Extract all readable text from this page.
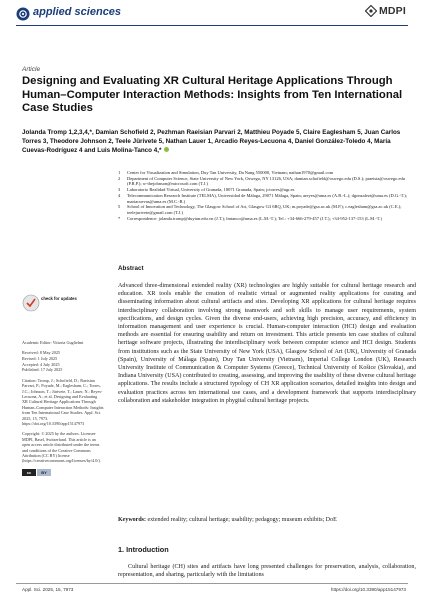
applied sciences	MDPI
Article
Designing and Evaluating XR Cultural Heritage Applications Through Human–Computer Interaction Methods: Insights from Ten International Case Studies
Jolanda Tromp 1,2,3,4,*, Damian Schofield 2, Pezhman Raeisian Parvari 2, Matthieu Poyade 5, Claire Eaglesham 5, Juan Carlos Torres 3, Theodore Johnson 2, Teele Jürivete 5, Nathan Lauer 1, Arcadio Reyes-Lecuona 4, Daniel González-Toledo 4, María Cuevas-Rodríguez 4 and Luis Molina-Tanco 4,*
1	Center for Visualization and Simulation, Duy Tan University, Da Nang 550000, Vietnam; nathan1970@gmail.com
2	Department of Computer Science, State University of New York, Oswego, NY 13126, USA; damian.schofield@oswego.edu (D.S.); praeisia@oswego.edu (P.R.P.); w-thejohnson@microsoft.com (T.J.)
3	Laboratorio Realidad Virtual, University of Granada, 18071 Granada, Spain; jctorres@ugr.es
4	Telecommunication Research Institute (TELMA), Universidad de Málaga, 29071 Málaga, Spain; areyes@uma.es (A.R.-L.); dgonzalezt@uma.es (D.G.-T.); mariacuevas@uma.es (M.C.-R.)
5	School of Innovation and Technology, The Glasgow School of Art, Glasgow G3 6RQ, UK; m.poyade@gsa.ac.uk (M.P.); c.eaglesham@gsa.ac.uk (C.E.); teelejurivete@gmail.com (T.J.)
*	Correspondence: jolanda.tromp@duytan.edu.vn (J.T.); lmtanco@uma.es (L.M.-T.); Tel.: +34-666-279-457 (J.T.); +34-952-137-153 (L.M.-T.)
check for updates
Academic Editor: Vittoria Guglielmi
Received: 8 May 2025
Revised: 1 July 2025
Accepted: 4 July 2025
Published: 17 July 2025
Citation: Tromp, J.; Schofield, D.; Raeisian Parvari, P.; Poyade, M.; Eaglesham, C.; Torres, J.C.; Johnson, T.; Jürivete, T.; Lauer, N.; Reyes-Lecuona, A.; et al. Designing and Evaluating XR Cultural Heritage Applications Through Human–Computer Interaction Methods: Insights from Ten International Case Studies. Appl. Sci. 2025, 15, 7973. https://doi.org/10.3390/app15147973
Copyright: © 2025 by the authors. Licensee MDPI, Basel, Switzerland. This article is an open access article distributed under the terms and conditions of the Creative Commons Attribution (CC BY) license (https://creativecommons.org/licenses/by/4.0/).
cc	BY
Abstract

Advanced three-dimensional extended reality (XR) technologies are highly suitable for cultural heritage research and education. XR tools enable the creation of realistic virtual or augmented reality applications for curating and disseminating information about cultural artifacts and sites. Developing XR applications for cultural heritage requires interdisciplinary collaboration involving strong teamwork and soft skills to manage user requirements, system specifications, and design cycles. Given the diverse end-users, achieving high precision, accuracy, and efficiency in information management and user experience is crucial. Human-computer interaction (HCI) design and evaluation methods are essential for ensuring usability and return on investment. This article presents ten case studies of cultural heritage software projects, illustrating the interdisciplinary work between computer science and HCI design. Students from institutions such as the State University of New York (USA), Glasgow School of Art (UK), University of Granada (Spain), University of Málaga (Spain), Duy Tan University (Vietnam), Imperial College London (UK), Research University Institute of Communication & Computer Systems (Greece), Technical University of Košice (Slovakia), and Indiana University (USA) contributed to creating, assessing, and improving the usability of these diverse cultural heritage applications. The results include a structured typology of CH XR application scenarios, detailed insights into design and evaluation practices across ten international use cases, and a development framework that supports interdisciplinary collaboration and stakeholder integration in phygital cultural heritage projects.

Keywords: extended reality; cultural heritage; usability; pedagogy; museum exhibits; DoE
1. Introduction

Cultural heritage (CH) sites and artifacts have long presented challenges for preservation, analysis, collaboration, representation, and sharing, particularly with the limitations

Appl. Sci. 2025, 15, 7973	https://doi.org/10.3390/app15147973
